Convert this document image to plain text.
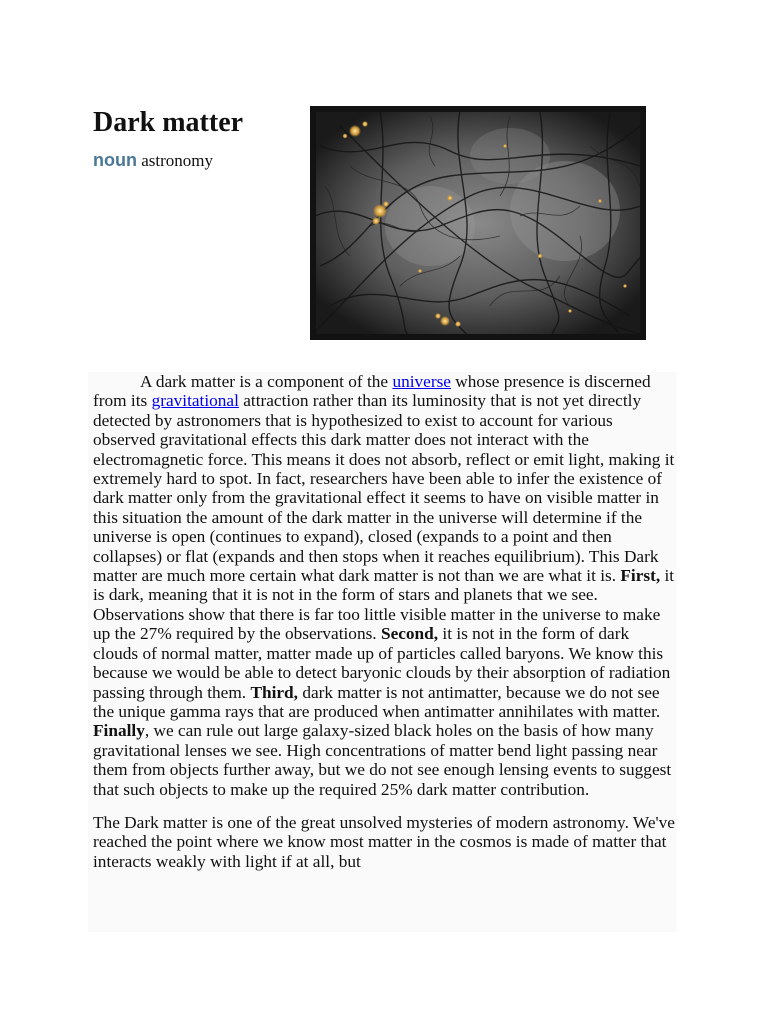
Dark matter
noun astronomy

A dark matter is a component of the universe whose presence is discerned from its gravitational attraction rather than its luminosity that is not yet directly detected by astronomers that is hypothesized to exist to account for various observed gravitational effects this dark matter does not interact with the electromagnetic force. This means it does not absorb, reflect or emit light, making it extremely hard to spot. In fact, researchers have been able to infer the existence of dark matter only from the gravitational effect it seems to have on visible matter in this situation the amount of the dark matter in the universe will determine if the universe is open (continues to expand), closed (expands to a point and then collapses) or flat (expands and then stops when it reaches equilibrium). This Dark matter are much more certain what dark matter is not than we are what it is. First, it is dark, meaning that it is not in the form of stars and planets that we see. Observations show that there is far too little visible matter in the universe to make up the 27% required by the observations. Second, it is not in the form of dark clouds of normal matter, matter made up of particles called baryons. We know this because we would be able to detect baryonic clouds by their absorption of radiation passing through them. Third, dark matter is not antimatter, because we do not see the unique gamma rays that are produced when antimatter annihilates with matter. Finally, we can rule out large galaxy-sized black holes on the basis of how many gravitational lenses we see. High concentrations of matter bend light passing near them from objects further away, but we do not see enough lensing events to suggest that such objects to make up the required 25% dark matter contribution.

The Dark matter is one of the great unsolved mysteries of modern astronomy. We've reached the point where we know most matter in the cosmos is made of matter that interacts weakly with light if at all, but
